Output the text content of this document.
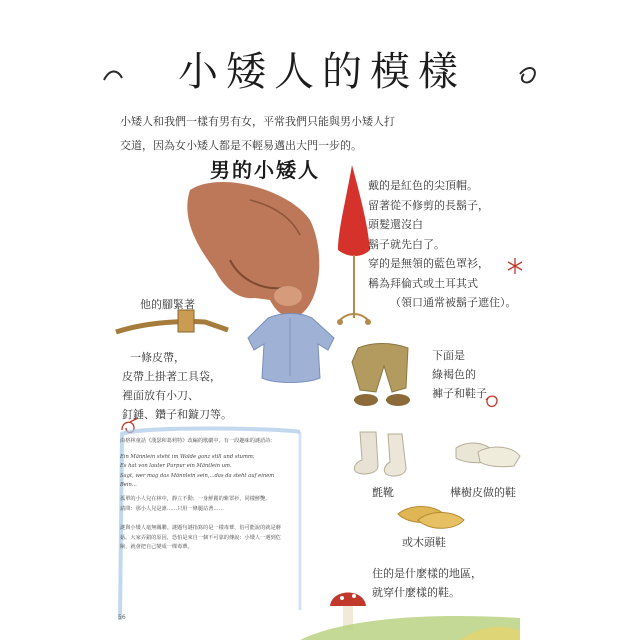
小矮人的模樣
小矮人和我們一樣有男有女，平常我們只能與男小矮人打
交道，因為女小矮人都是不輕易邁出大門一步的。
男的小矮人
戴的是紅色的尖頂帽。
留著從不修剪的長鬍子，
頭髮還沒白
鬍子就先白了。
穿的是無領的藍色罩衫，
稱為拜倫式或土耳其式
（領口通常被鬍子遮住）。
他的腳緊著
一條皮帶，
皮帶上掛著工具袋，
裡面放有小刀、
釘錘、鑽子和鏇刀等。
下面是
綠褐色的
褲子和鞋子
氈靴	樺樹皮做的鞋
或木頭鞋
住的是什麼樣的地區，
就穿什麼樣的鞋。
由格林童話《漢瑟和葛莉特》改編的歌劇中，有一段趣味的謎語詩：
Ein Männlein steht im Walde ganz still und stumm;
Es hat von lauter Purpur ein Mäntlein um.
Sagt, wer mag das Männlein sein,...das da steht auf einem Bein...
孤單的小人兒在林中，靜立不動；一身鮮麗的紫罩衫，同樣鮮艷。
請問：那小人兒是誰……只用一條腿站著……
謎與小矮人毫無關聯。謎題句謎指寫的是一樣毒蕈，俗可能說的就是蘑菇。大家弄錯的原因，恐怕是來自一個不可靠的傳說：小矮人一遇到危險，就會把自己變成一棵毒蕈。
56
